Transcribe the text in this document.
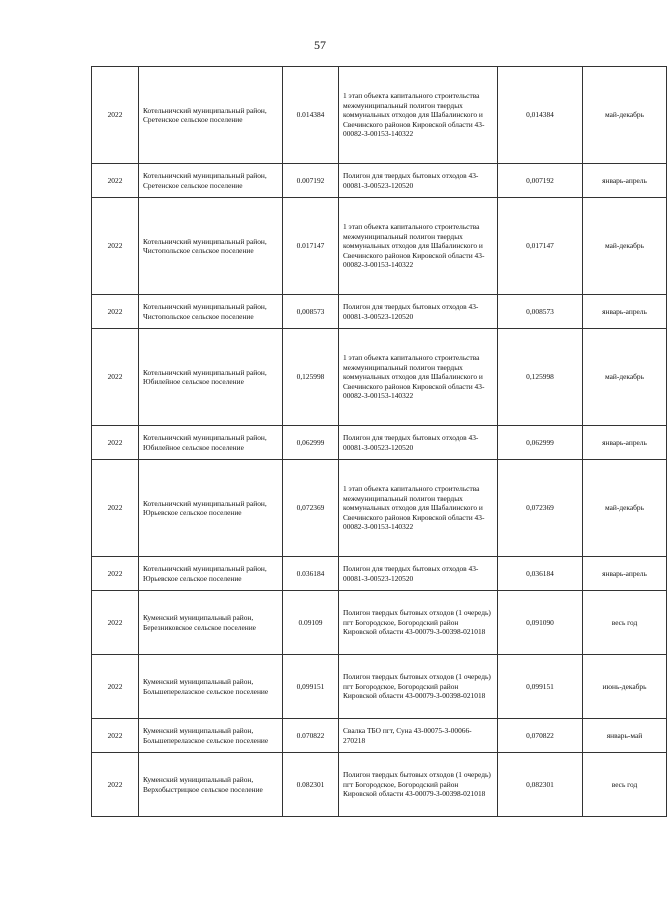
57
2022	Котельничский муниципальный район, Сретенское сельское поселение	0.014384	1 этап объекта капитального строительства межмуниципальный полигон твердых коммунальных отходов для Шабалинского и Свечинского районов Кировской области 43-00082-З-00153-140322	0,014384	май-декабрь
2022	Котельничский муниципальный район, Сретенское сельское поселение	0.007192	Полигон для твердых бытовых отходов 43-00081-З-00523-120520	0,007192	январь-апрель
2022	Котельничский муниципальный район, Чистопольское сельское поселение	0.017147	1 этап объекта капитального строительства межмуниципальный полигон твердых коммунальных отходов для Шабалинского и Свечинского районов Кировской области 43-00082-З-00153-140322	0,017147	май-декабрь
2022	Котельничский муниципальный район, Чистопольское сельское поселение	0,008573	Полигон для твердых бытовых отходов 43-00081-З-00523-120520	0,008573	январь-апрель
2022	Котельничский муниципальный район, Юбилейное сельское поселение	0,125998	1 этап объекта капитального строительства межмуниципальный полигон твердых коммунальных отходов для Шабалинского и Свечинского районов Кировской области 43-00082-З-00153-140322	0,125998	май-декабрь
2022	Котельничский муниципальный район, Юбилейное сельское поселение	0,062999	Полигон для твердых бытовых отходов 43-00081-З-00523-120520	0,062999	январь-апрель
2022	Котельничский муниципальный район, Юрьевское сельское поселение	0,072369	1 этап объекта капитального строительства межмуниципальный полигон твердых коммунальных отходов для Шабалинского и Свечинского районов Кировской области 43-00082-З-00153-140322	0,072369	май-декабрь
2022	Котельничский муниципальный район, Юрьевское сельское поселение	0.036184	Полигон для твердых бытовых отходов 43-00081-З-00523-120520	0,036184	январь-апрель
2022	Куменский муниципальный район, Березниковское сельское поселение	0.09109	Полигон твердых бытовых отходов (1 очередь) пгт Богородское, Богородский район Кировской области 43-00079-З-00398-021018	0,091090	весь год
2022	Куменский муниципальный район, Большеперелазское сельское поселение	0,099151	Полигон твердых бытовых отходов (1 очередь) пгт Богородское, Богородский район Кировской области 43-00079-З-00398-021018	0,099151	июнь-декабрь
2022	Куменский муниципальный район, Большеперелазское сельское поселение	0.070822	Свалка ТБО пгт, Суна 43-00075-З-00066-270218	0,070822	январь-май
2022	Куменский муниципальный район, Верхобыстрицкое сельское поселение	0.082301	Полигон твердых бытовых отходов (1 очередь) пгт Богородское, Богородский район Кировской области 43-00079-З-00398-021018	0,082301	весь год
